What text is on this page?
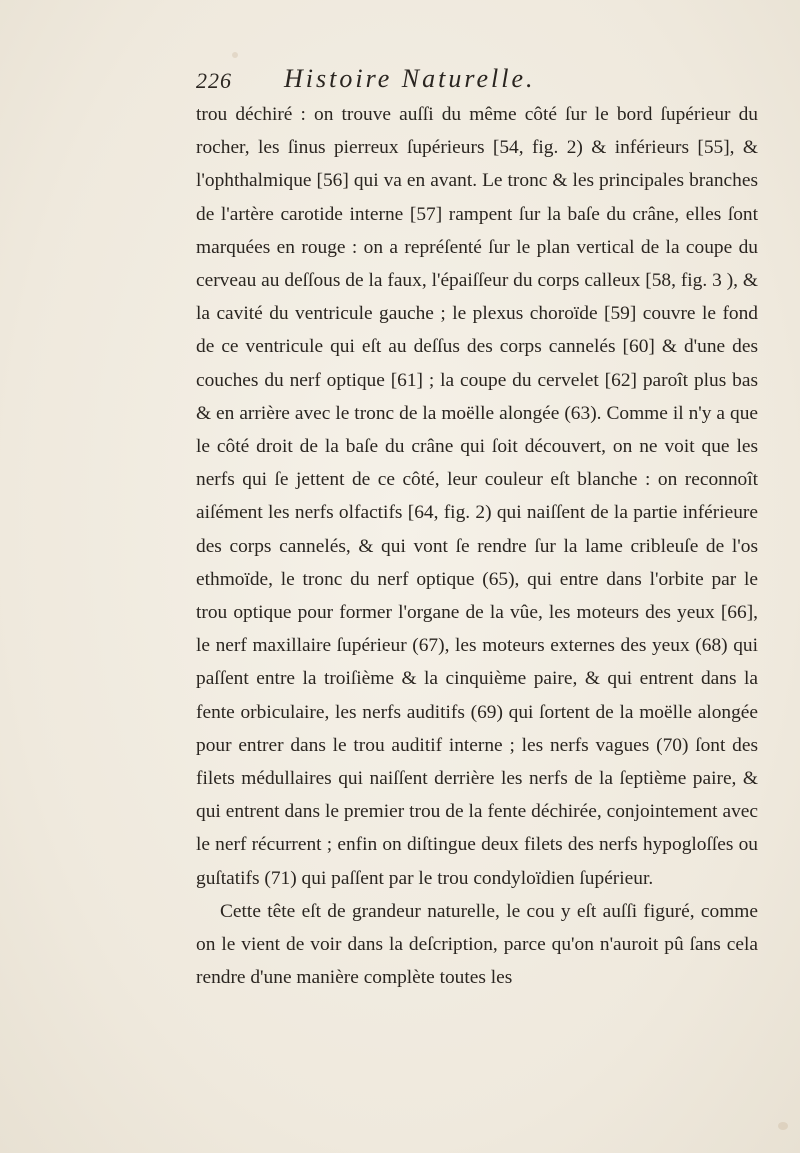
226 Histoire Naturelle.

trou déchiré : on trouve auſſi du même côté ſur le bord ſupérieur du rocher, les ſinus pierreux ſupérieurs [54, fig. 2) & inférieurs [55], & l'ophthalmique [56] qui va en avant. Le tronc & les principales branches de l'artère carotide interne [57] rampent ſur la baſe du crâne, elles ſont marquées en rouge : on a repréſenté ſur le plan vertical de la coupe du cerveau au deſſous de la faux, l'épaiſſeur du corps calleux [58, fig. 3 ), & la cavité du ventricule gauche ; le plexus choroïde [59] couvre le fond de ce ventricule qui eſt au deſſus des corps cannelés [60] & d'une des couches du nerf optique [61] ; la coupe du cervelet [62] paroît plus bas & en arrière avec le tronc de la moëlle alongée (63). Comme il n'y a que le côté droit de la baſe du crâne qui ſoit découvert, on ne voit que les nerfs qui ſe jettent de ce côté, leur couleur eſt blanche : on reconnoît aiſément les nerfs olfactifs [64, fig. 2) qui naiſſent de la partie inférieure des corps cannelés, & qui vont ſe rendre ſur la lame cribleuſe de l'os ethmoïde, le tronc du nerf optique (65), qui entre dans l'orbite par le trou optique pour former l'organe de la vûe, les moteurs des yeux [66], le nerf maxillaire ſupérieur (67), les moteurs externes des yeux (68) qui paſſent entre la troiſième & la cinquième paire, & qui entrent dans la fente orbiculaire, les nerfs auditifs (69) qui ſortent de la moëlle alongée pour entrer dans le trou auditif interne ; les nerfs vagues (70) ſont des filets médullaires qui naiſſent derrière les nerfs de la ſeptième paire, & qui entrent dans le premier trou de la fente déchirée, conjointement avec le nerf récurrent ; enfin on diſtingue deux filets des nerfs hypogloſſes ou guſtatifs (71) qui paſſent par le trou condyloïdien ſupérieur.

Cette tête eſt de grandeur naturelle, le cou y eſt auſſi figuré, comme on le vient de voir dans la deſcription, parce qu'on n'auroit pû ſans cela rendre d'une manière complète toutes les
